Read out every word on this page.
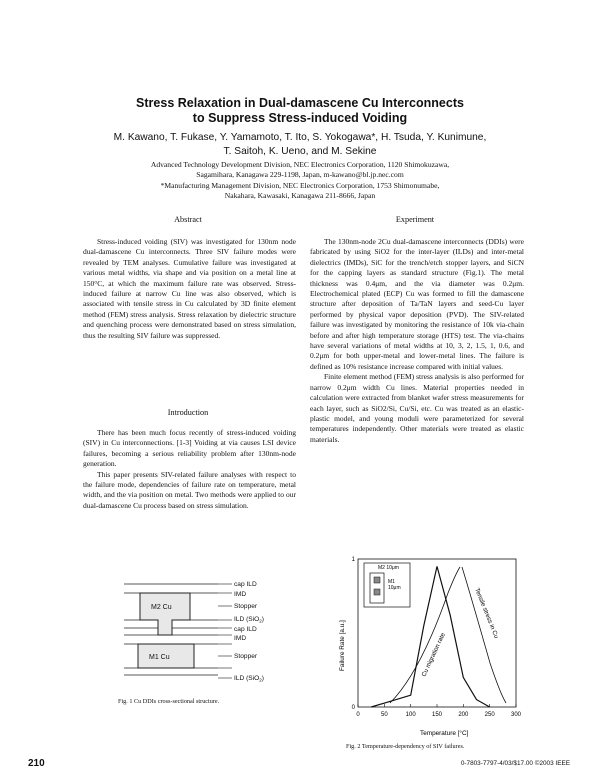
Stress Relaxation in Dual-damascene Cu Interconnects
to Suppress Stress-induced Voiding
M. Kawano, T. Fukase, Y. Yamamoto, T. Ito, S. Yokogawa*, H. Tsuda, Y. Kunimune,
T. Saitoh, K. Ueno, and M. Sekine
Advanced Technology Development Division, NEC Electronics Corporation, 1120 Shimokuzawa,
Sagamihara, Kanagawa 229-1198, Japan, m-kawano@bl.jp.nec.com
*Manufacturing Management Division, NEC Electronics Corporation, 1753 Shimonumabe,
Nakahara, Kawasaki, Kanagawa 211-8666, Japan
Abstract

Stress-induced voiding (SIV) was investigated for 130nm node dual-damascene Cu interconnects. Three SIV failure modes were revealed by TEM analyses. Cumulative failure was investigated at various metal widths, via shape and via position on a metal line at 150°C, at which the maximum failure rate was observed. Stress-induced failure at narrow Cu line was also observed, which is associated with tensile stress in Cu calculated by 3D finite element method (FEM) stress analysis. Stress relaxation by dielectric structure and quenching process were demonstrated based on stress simulation, thus the resulting SIV failure was suppressed.

Introduction

There has been much focus recently of stress-induced voiding (SIV) in Cu interconnections. [1-3] Voiding at via causes LSI device failures, becoming a serious reliability problem after 130nm-node generation.

This paper presents SIV-related failure analyses with respect to the failure mode, dependencies of failure rate on temperature, metal width, and the via position on metal. Two methods were applied to our dual-damascene Cu process based on stress simulation.

M2 Cu
M1 Cu
cap ILD
IMD
Stopper
ILD (SiO$_2$)
cap ILD
IMD
Stopper
ILD (SiO$_2$)
Fig. 1 Cu DDIs cross-sectional structure.
Experiment

The 130nm-node 2Cu dual-damascene interconnects (DDIs) were fabricated by using SiO2 for the inter-layer (ILDs) and inter-metal dielectrics (IMDs), SiC for the trench/etch stopper layers, and SiCN for the capping layers as standard structure (Fig.1). The metal thickness was 0.4μm, and the via diameter was 0.2μm. Electrochemical plated (ECP) Cu was formed to fill the damascene structure after deposition of Ta/TaN layers and seed-Cu layer performed by physical vapor deposition (PVD). The SIV-related failure was investigated by monitoring the resistance of 10k via-chain before and after high temperature storage (HTS) test. The via-chains have several variations of metal widths at 10, 3, 2, 1.5, 1, 0.6, and 0.2μm for both upper-metal and lower-metal lines. The failure is defined as 10% resistance increase compared with initial values.

Finite element method (FEM) stress analysis is also performed for narrow 0.2μm width Cu lines. Material properties needed in calculation were extracted from blanket wafer stress measurements for each layer, such as SiO2/Si, Cu/Si, etc. Cu was treated as an elastic-plastic model, and young moduli were parameterized for several temperatures independently. Other materials were treated as elastic materials.

M2 10μm
M1
10μm
0	50	100	150	200	250	300
0
1
Cu migration rate
Tensile stress in Cu
Failure Rate [a.u.]
Temperature [°C]
Fig. 2 Temperature-dependency of SIV failures.
210	0-7803-7797-4/03/$17.00 ©2003 IEEE
